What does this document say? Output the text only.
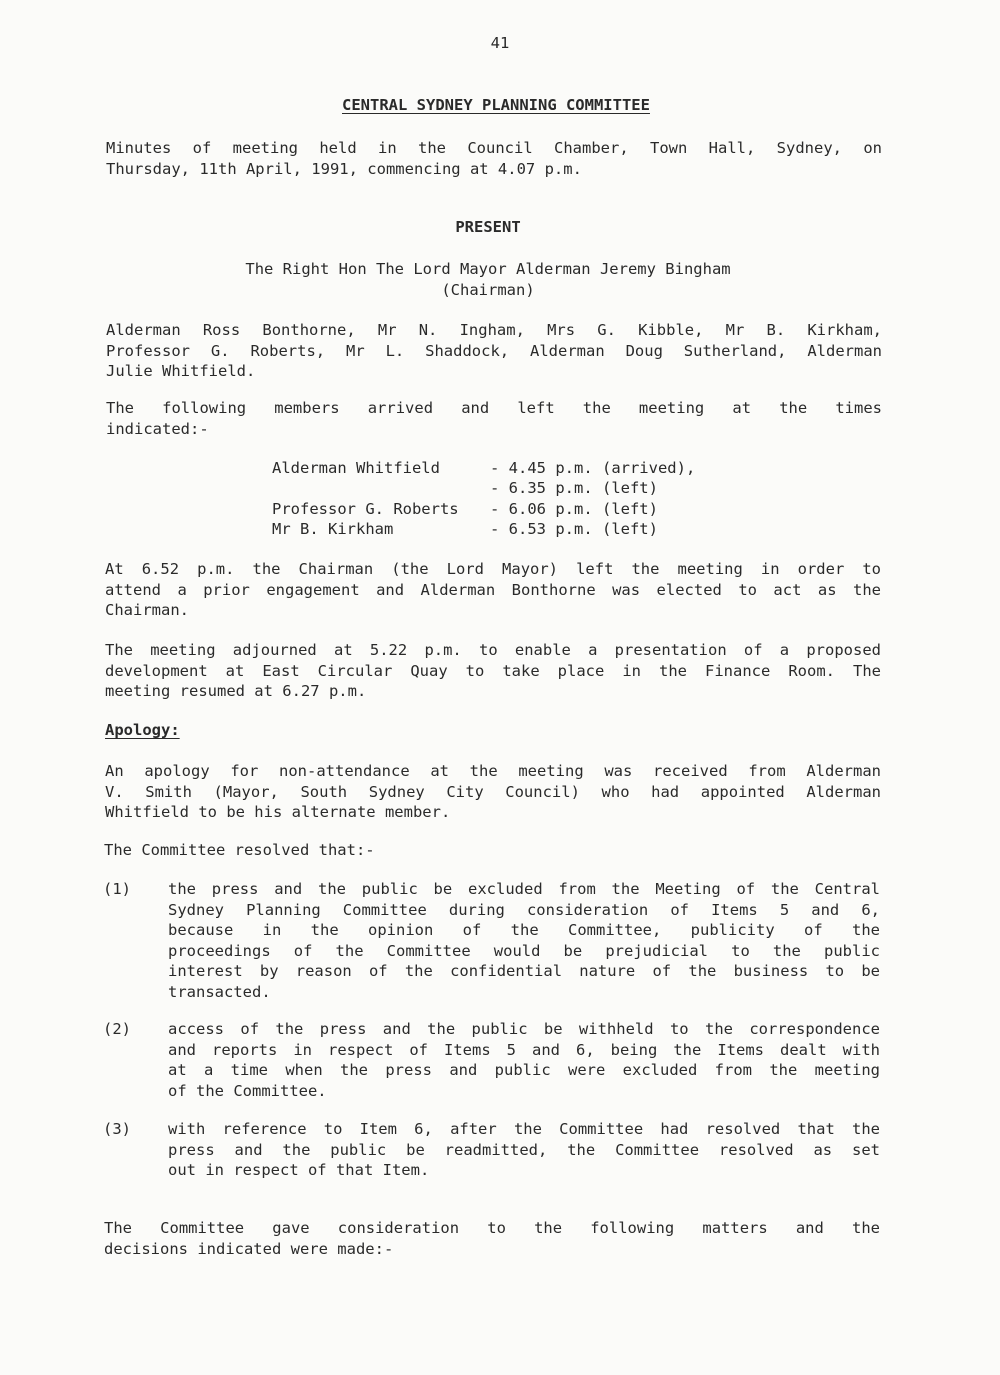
41
CENTRAL SYDNEY PLANNING COMMITTEE
Minutes of meeting held in the Council Chamber, Town Hall, Sydney, on
Thursday, 11th April, 1991, commencing at 4.07 p.m.
PRESENT
The Right Hon The Lord Mayor Alderman Jeremy Bingham
(Chairman)
Alderman Ross Bonthorne, Mr N. Ingham, Mrs G. Kibble, Mr B. Kirkham,
Professor G. Roberts, Mr L. Shaddock, Alderman Doug Sutherland, Alderman
Julie Whitfield.
The following members arrived and left the meeting at the times
indicated:-
Alderman Whitfield	- 4.45 p.m. (arrived),
- 6.35 p.m. (left)
Professor G. Roberts - 6.06 p.m. (left)
Mr B. Kirkham	- 6.53 p.m. (left)
At 6.52 p.m. the Chairman (the Lord Mayor) left the meeting in order to
attend a prior engagement and Alderman Bonthorne was elected to act as the
Chairman.
The meeting adjourned at 5.22 p.m. to enable a presentation of a proposed
development at East Circular Quay to take place in the Finance Room. The
meeting resumed at 6.27 p.m.
Apology:
An apology for non-attendance at the meeting was received from Alderman
V. Smith (Mayor, South Sydney City Council) who had appointed Alderman
Whitfield to be his alternate member.
The Committee resolved that:-
(1) the press and the public be excluded from the Meeting of the Central
Sydney Planning Committee during consideration of Items 5 and 6,
because in the opinion of the Committee, publicity of the
proceedings of the Committee would be prejudicial to the public
interest by reason of the confidential nature of the business to be
transacted.
(2) access of the press and the public be withheld to the correspondence
and reports in respect of Items 5 and 6, being the Items dealt with
at a time when the press and public were excluded from the meeting
of the Committee.
(3) with reference to Item 6, after the Committee had resolved that the
press and the public be readmitted, the Committee resolved as set
out in respect of that Item.
The Committee gave consideration to the following matters and the
decisions indicated were made:-
